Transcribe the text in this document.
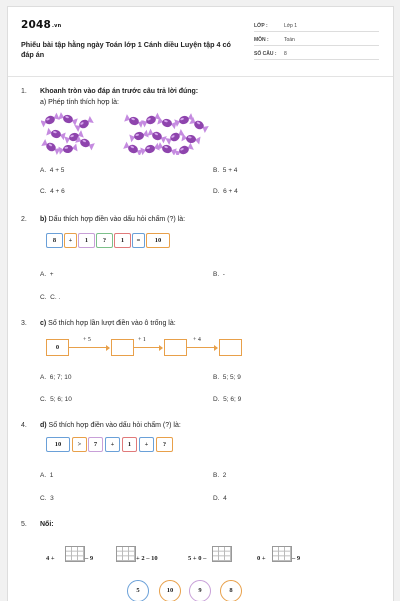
2048.vn
Phiếu bài tập hằng ngày Toán lớp 1 Cánh diều Luyện tập 4 có đáp án
LỚP :	Lớp 1
MÔN :	Toán
SỐ CÂU : 8
1. Khoanh tròn vào đáp án trước câu trả lời đúng:
a) Phép tính thích hợp là:
A. 4 + 5	B. 5 + 4
C. 4 + 6	D. 6 + 4
2. b) Dấu thích hợp điền vào dấu hỏi chấm (?) là:
8	+	1	?	1	=	10
A. +	B. -
C. C. .
3. c) Số thích hợp lần lượt điền vào ô trống là:
0
+ 5	+ 1	+ 4
A. 6; 7; 10	B. 5; 5; 9
C. 5; 6; 10	D. 5; 6; 9
4. d) Số thích hợp điền vào dấu hỏi chấm (?) là:
10	>	7	+	1	+	?
A. 1	B. 2
C. 3	D. 4
5. Nối:
4 +	– 9	+ 2 – 10	5 + 0 –	0 +	– 9
5	10	9	8
